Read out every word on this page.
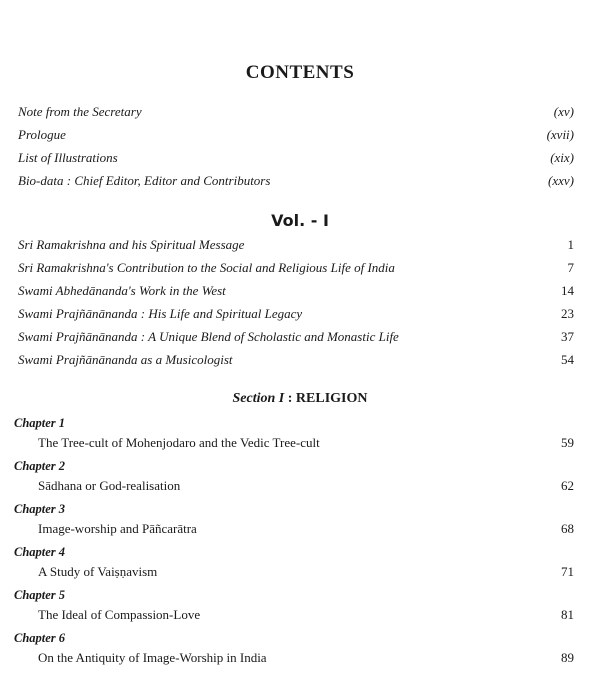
CONTENTS
Note from the Secretary	(xv)
Prologue	(xvii)
List of Illustrations	(xix)
Bio-data : Chief Editor, Editor and Contributors	(xxv)
Vol. - I
Sri Ramakrishna and his Spiritual Message	1
Sri Ramakrishna's Contribution to the Social and Religious Life of India	7
Swami Abhedānanda's Work in the West	14
Swami Prajñānānanda : His Life and Spiritual Legacy	23
Swami Prajñānānanda : A Unique Blend of Scholastic and Monastic Life	37
Swami Prajñānānanda as a Musicologist	54
Section I : RELIGION
Chapter 1
The Tree-cult of Mohenjodaro and the Vedic Tree-cult	59
Chapter 2
Sādhana or God-realisation	62
Chapter 3
Image-worship and Pāñcarātra	68
Chapter 4
A Study of Vaiṣṇavism	71
Chapter 5
The Ideal of Compassion-Love	81
Chapter 6
On the Antiquity of Image-Worship in India	89
